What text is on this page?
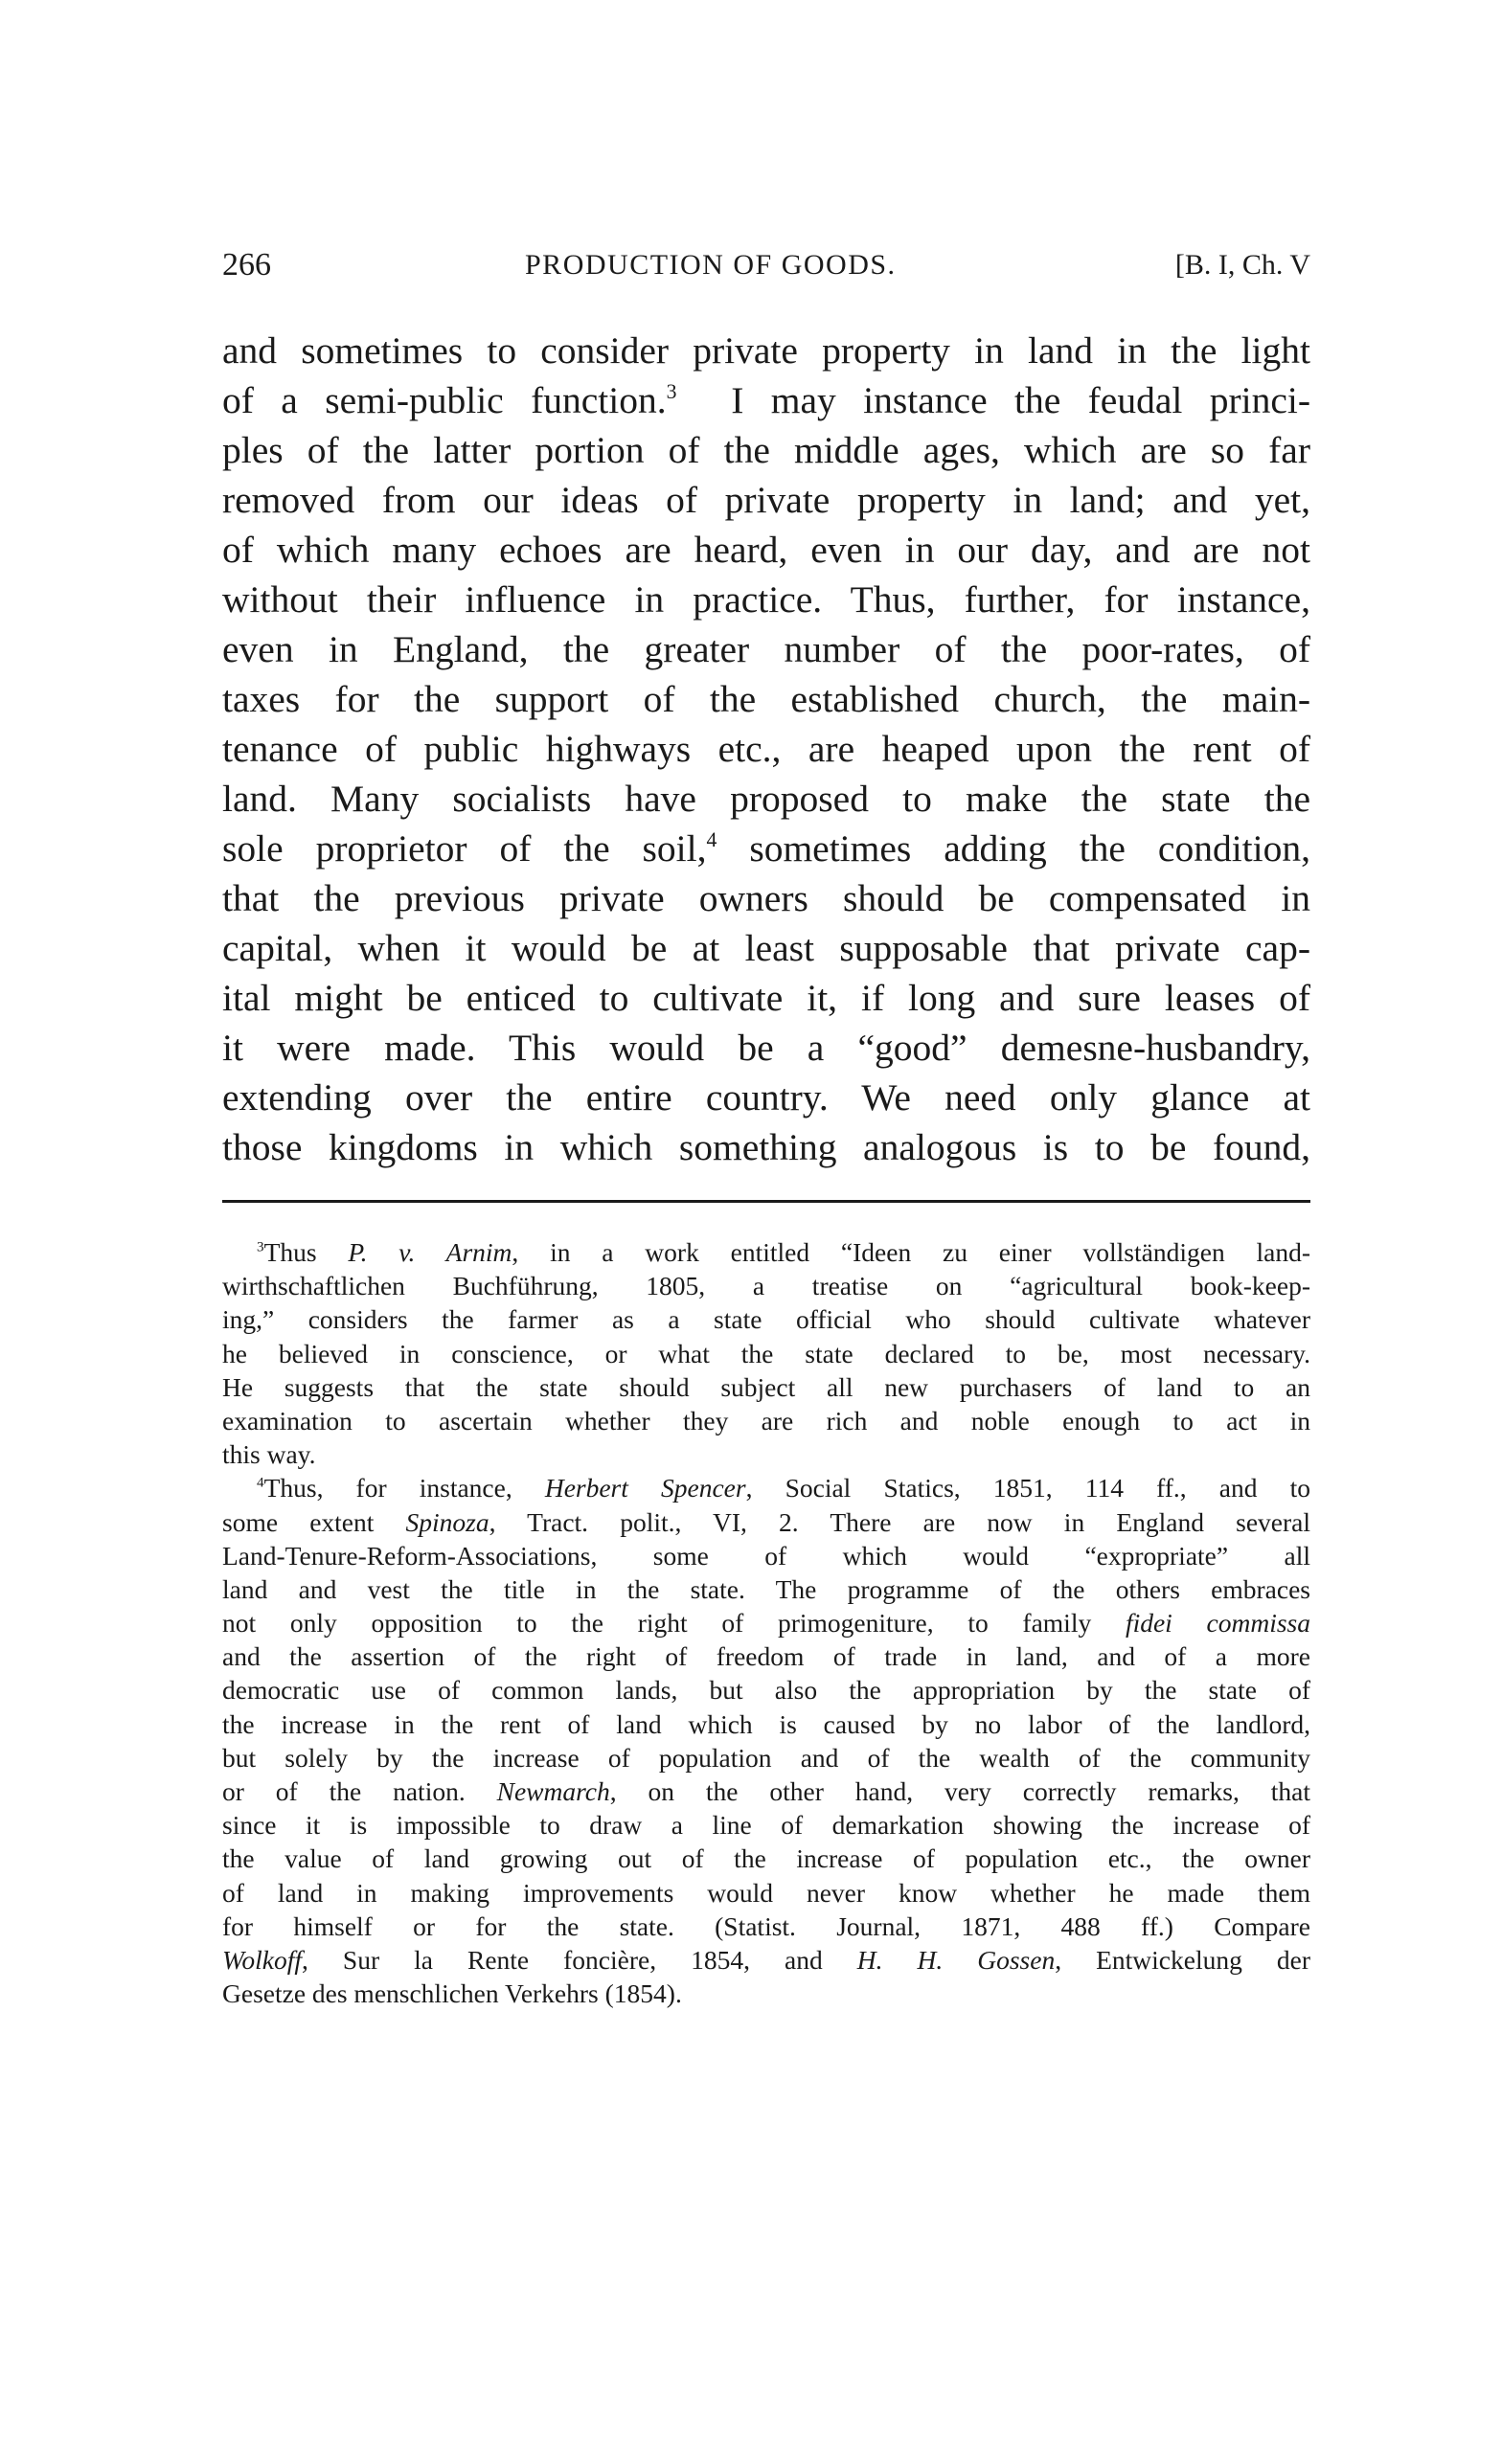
266	PRODUCTION OF GOODS.	[B. I, Ch. V
and sometimes to consider private property in land in the light
of a semi-public function.$^3$ I may instance the feudal princi-
ples of the latter portion of the middle ages, which are so far
removed from our ideas of private property in land; and yet,
of which many echoes are heard, even in our day, and are not
without their influence in practice. Thus, further, for instance,
even in England, the greater number of the poor-rates, of
taxes for the support of the established church, the main-
tenance of public highways etc., are heaped upon the rent of
land. Many socialists have proposed to make the state the
sole proprietor of the soil,$^4$ sometimes adding the condition,
that the previous private owners should be compensated in
capital, when it would be at least supposable that private cap-
ital might be enticed to cultivate it, if long and sure leases of
it were made. This would be a “good” demesne-husbandry,
extending over the entire country. We need only glance at
those kingdoms in which something analogous is to be found,
$^3$Thus P. v. Arnim, in a work entitled “Ideen zu einer vollständigen land-
wirthschaftlichen Buchführung, 1805, a treatise on “agricultural book-keep-
ing,” considers the farmer as a state official who should cultivate whatever
he believed in conscience, or what the state declared to be, most necessary.
He suggests that the state should subject all new purchasers of land to an
examination to ascertain whether they are rich and noble enough to act in
this way.
$^4$Thus, for instance, Herbert Spencer, Social Statics, 1851, 114 ff., and to
some extent Spinoza, Tract. polit., VI, 2. There are now in England several
Land-Tenure-Reform-Associations, some of which would “expropriate” all
land and vest the title in the state. The programme of the others embraces
not only opposition to the right of primogeniture, to family fidei commissa
and the assertion of the right of freedom of trade in land, and of a more
democratic use of common lands, but also the appropriation by the state of
the increase in the rent of land which is caused by no labor of the landlord,
but solely by the increase of population and of the wealth of the community
or of the nation. Newmarch, on the other hand, very correctly remarks, that
since it is impossible to draw a line of demarkation showing the increase of
the value of land growing out of the increase of population etc., the owner
of land in making improvements would never know whether he made them
for himself or for the state. (Statist. Journal, 1871, 488 ff.) Compare
Wolkoff, Sur la Rente foncière, 1854, and H. H. Gossen, Entwickelung der
Gesetze des menschlichen Verkehrs (1854).
